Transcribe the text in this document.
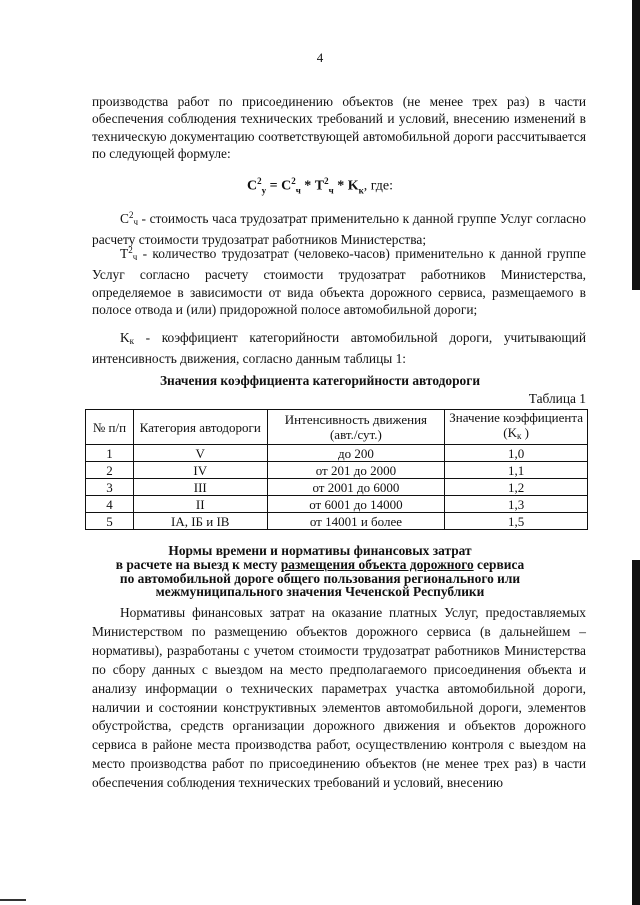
4
производства работ по присоединению объектов (не менее трех раз) в части обеспечения соблюдения технических требований и условий, внесению изменений в техническую документацию соответствующей автомобильной дороги рассчитывается по следующей формуле:
$C^2_у = C^2_ч * T^2_ч * K_к$, где:
$C^2ч$ - стоимость часа трудозатрат применительно к данной группе Услуг согласно расчету стоимости трудозатрат работников Министерства;
$T^2ч$ - количество трудозатрат (человеко-часов) применительно к данной группе Услуг согласно расчету стоимости трудозатрат работников Министерства, определяемое в зависимости от вида объекта дорожного сервиса, размещаемого в полосе отвода и (или) придорожной полосе автомобильной дороги;
Kк - коэффициент категорийности автомобильной дороги, учитывающий интенсивность движения, согласно данным таблицы 1:
Значения коэффициента категорийности автодороги
Таблица 1
№ п/п	Категория автодороги	Интенсивность движения (авт./сут.)	Значение коэффициента (Kк )
1	V	до 200	1,0
2	IV	от 201 до 2000	1,1
3	III	от 2001 до 6000	1,2
4	II	от 6001 до 14000	1,3
5	IA, IБ и IB	от 14001 и более	1,5
Нормы времени и нормативы финансовых затрат
в расчете на выезд к месту размещения объекта дорожного сервиса
по автомобильной дороге общего пользования регионального или
межмуниципального значения Чеченской Республики
Нормативы финансовых затрат на оказание платных Услуг, предоставляемых Министерством по размещению объектов дорожного сервиса (в дальнейшем – нормативы), разработаны с учетом стоимости трудозатрат работников Министерства по сбору данных с выездом на место предполагаемого присоединения объекта и анализу информации о технических параметрах участка автомобильной дороги, наличии и состоянии конструктивных элементов автомобильной дороги, элементов обустройства, средств организации дорожного движения и объектов дорожного сервиса в районе места производства работ, осуществлению контроля с выездом на место производства работ по присоединению объектов (не менее трех раз) в части обеспечения соблюдения технических требований и условий, внесению
